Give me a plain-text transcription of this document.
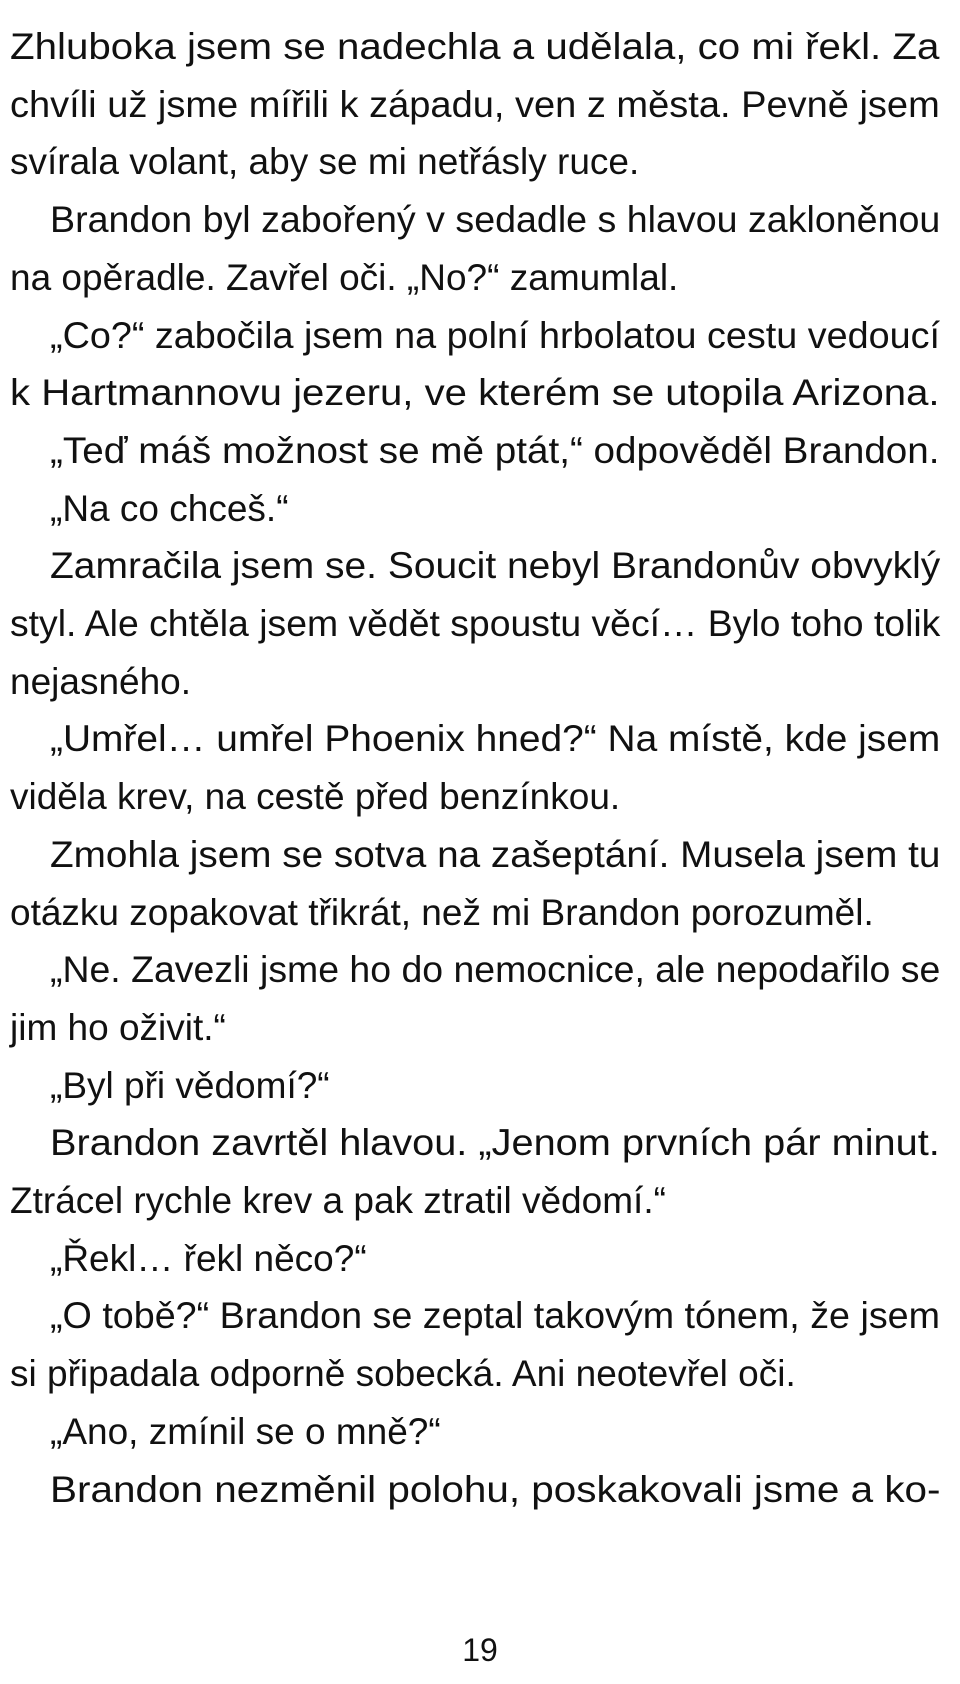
Zhluboka jsem se nadechla a udělala, co mi řekl. Za
chvíli už jsme mířili k západu, ven z města. Pevně jsem
svírala volant, aby se mi netřásly ruce.
Brandon byl zabořený v sedadle s hlavou zakloněnou
na opěradle. Zavřel oči. „No?“ zamumlal.
„Co?“ zabočila jsem na polní hrbolatou cestu vedoucí
k Hartmannovu jezeru, ve kterém se utopila Arizona.
„Teď máš možnost se mě ptát,“ odpověděl Brandon.
„Na co chceš.“
Zamračila jsem se. Soucit nebyl Brandonův obvyklý
styl. Ale chtěla jsem vědět spoustu věcí… Bylo toho tolik
nejasného.
„Umřel… umřel Phoenix hned?“ Na místě, kde jsem
viděla krev, na cestě před benzínkou.
Zmohla jsem se sotva na zašeptání. Musela jsem tu
otázku zopakovat třikrát, než mi Brandon porozuměl.
„Ne. Zavezli jsme ho do nemocnice, ale nepodařilo se
jim ho oživit.“
„Byl při vědomí?“
Brandon zavrtěl hlavou. „Jenom prvních pár minut.
Ztrácel rychle krev a pak ztratil vědomí.“
„Řekl… řekl něco?“
„O tobě?“ Brandon se zeptal takovým tónem, že jsem
si připadala odporně sobecká. Ani neotevřel oči.
„Ano, zmínil se o mně?“
Brandon nezměnil polohu, poskakovali jsme a ko-
19
